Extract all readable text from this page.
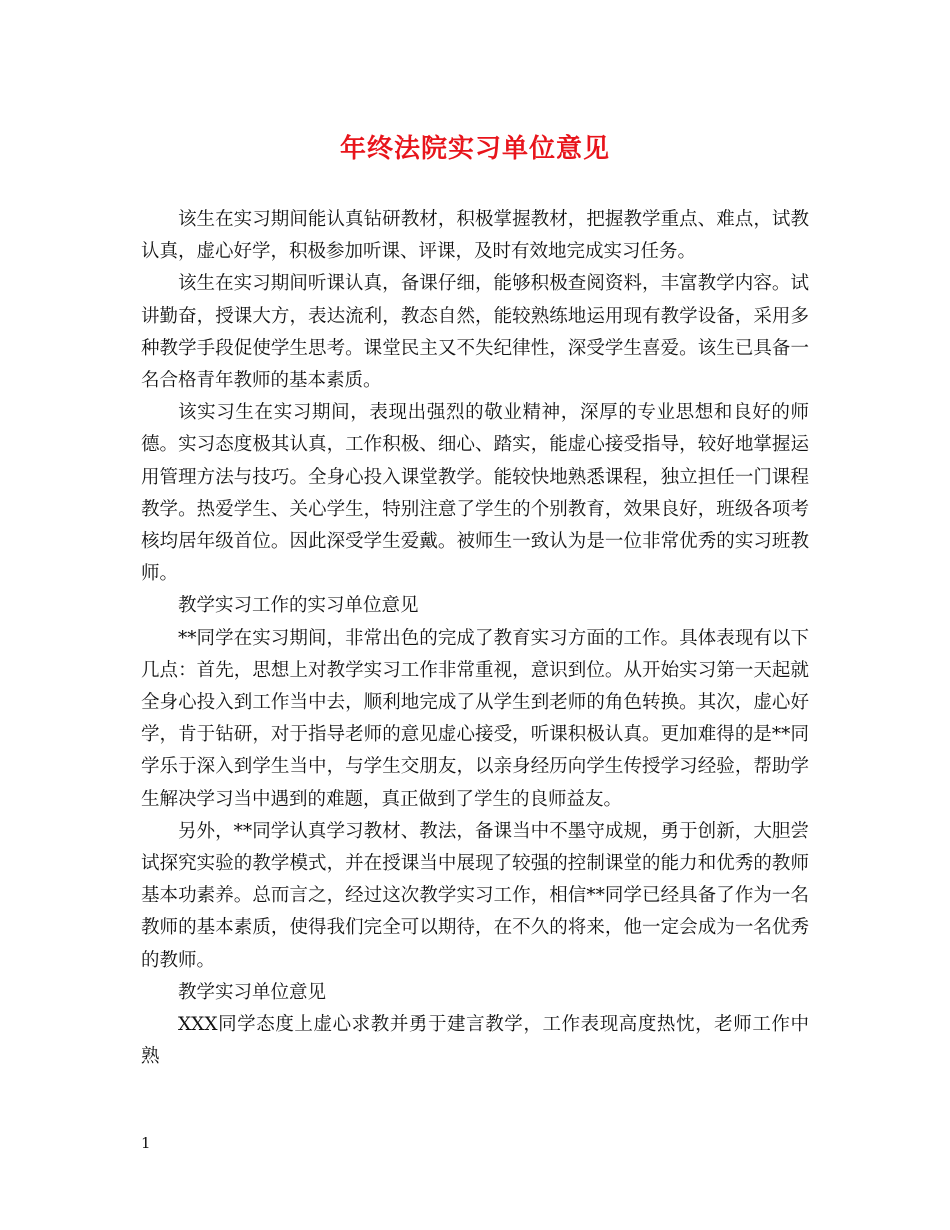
年终法院实习单位意见

该生在实习期间能认真钻研教材，积极掌握教材，把握教学重点、难点，试教认真，虚心好学，积极参加听课、评课，及时有效地完成实习任务。

该生在实习期间听课认真，备课仔细，能够积极查阅资料，丰富教学内容。试讲勤奋，授课大方，表达流利，教态自然，能较熟练地运用现有教学设备，采用多种教学手段促使学生思考。课堂民主又不失纪律性，深受学生喜爱。该生已具备一名合格青年教师的基本素质。

该实习生在实习期间，表现出强烈的敬业精神，深厚的专业思想和良好的师德。实习态度极其认真，工作积极、细心、踏实，能虚心接受指导，较好地掌握运用管理方法与技巧。全身心投入课堂教学。能较快地熟悉课程，独立担任一门课程教学。热爱学生、关心学生，特别注意了学生的个别教育，效果良好，班级各项考核均居年级首位。因此深受学生爱戴。被师生一致认为是一位非常优秀的实习班教师。

教学实习工作的实习单位意见

**同学在实习期间，非常出色的完成了教育实习方面的工作。具体表现有以下几点：首先，思想上对教学实习工作非常重视，意识到位。从开始实习第一天起就全身心投入到工作当中去，顺利地完成了从学生到老师的角色转换。其次，虚心好学，肯于钻研，对于指导老师的意见虚心接受，听课积极认真。更加难得的是**同学乐于深入到学生当中，与学生交朋友，以亲身经历向学生传授学习经验，帮助学生解决学习当中遇到的难题，真正做到了学生的良师益友。

另外，**同学认真学习教材、教法，备课当中不墨守成规，勇于创新，大胆尝试探究实验的教学模式，并在授课当中展现了较强的控制课堂的能力和优秀的教师基本功素养。总而言之，经过这次教学实习工作，相信**同学已经具备了作为一名教师的基本素质，使得我们完全可以期待，在不久的将来，他一定会成为一名优秀的教师。

教学实习单位意见

XXX同学态度上虚心求教并勇于建言教学，工作表现高度热忱，老师工作中熟

1
